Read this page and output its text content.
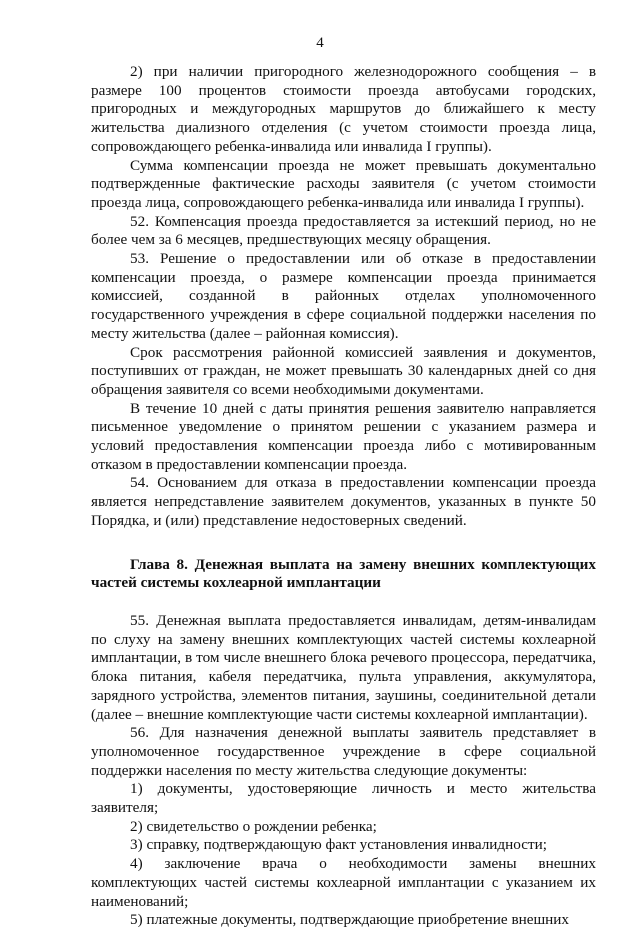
4

2) при наличии пригородного железнодорожного сообщения – в размере 100 процентов стоимости проезда автобусами городских, пригородных и междугородных маршрутов до ближайшего к месту жительства диализного отделения (с учетом стоимости проезда лица, сопровождающего ребенка-инвалида или инвалида I группы).

Сумма компенсации проезда не может превышать документально подтвержденные фактические расходы заявителя (с учетом стоимости проезда лица, сопровождающего ребенка-инвалида или инвалида I группы).

52. Компенсация проезда предоставляется за истекший период, но не более чем за 6 месяцев, предшествующих месяцу обращения.

53. Решение о предоставлении или об отказе в предоставлении компенсации проезда, о размере компенсации проезда принимается комиссией, созданной в районных отделах уполномоченного государственного учреждения в сфере социальной поддержки населения по месту жительства (далее – районная комиссия).

Срок рассмотрения районной комиссией заявления и документов, поступивших от граждан, не может превышать 30 календарных дней со дня обращения заявителя со всеми необходимыми документами.

В течение 10 дней с даты принятия решения заявителю направляется письменное уведомление о принятом решении с указанием размера и условий предоставления компенсации проезда либо с мотивированным отказом в предоставлении компенсации проезда.

54. Основанием для отказа в предоставлении компенсации проезда является непредставление заявителем документов, указанных в пункте 50 Порядка, и (или) представление недостоверных сведений.

Глава 8. Денежная выплата на замену внешних комплектующих частей системы кохлеарной имплантации

55. Денежная выплата предоставляется инвалидам, детям-инвалидам по слуху на замену внешних комплектующих частей системы кохлеарной имплантации, в том числе внешнего блока речевого процессора, передатчика, блока питания, кабеля передатчика, пульта управления, аккумулятора, зарядного устройства, элементов питания, заушины, соединительной детали (далее – внешние комплектующие части системы кохлеарной имплантации).

56. Для назначения денежной выплаты заявитель представляет в уполномоченное государственное учреждение в сфере социальной поддержки населения по месту жительства следующие документы:

1) документы, удостоверяющие личность и место жительства заявителя;

2) свидетельство о рождении ребенка;

3) справку, подтверждающую факт установления инвалидности;

4) заключение врача о необходимости замены внешних комплектующих частей системы кохлеарной имплантации с указанием их наименований;

5) платежные документы, подтверждающие приобретение внешних
